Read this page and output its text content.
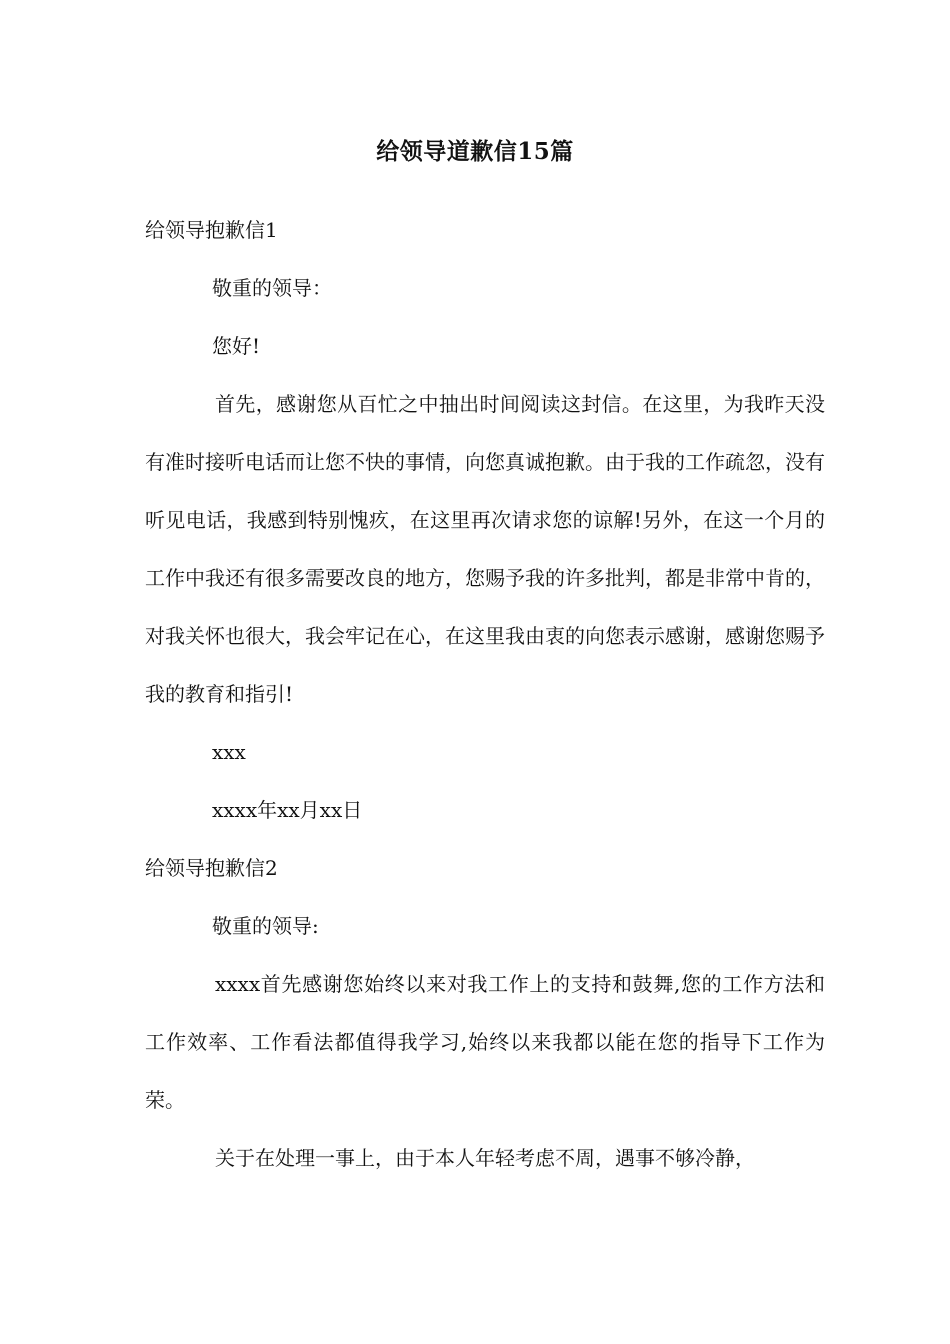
给领导道歉信15篇

给领导抱歉信1

敬重的领导：

您好!

首先，感谢您从百忙之中抽出时间阅读这封信。在这里，为我昨天没有准时接听电话而让您不快的事情，向您真诚抱歉。由于我的工作疏忽，没有听见电话，我感到特别愧疚，在这里再次请求您的谅解!另外，在这一个月的工作中我还有很多需要改良的地方，您赐予我的许多批判，都是非常中肯的，对我关怀也很大，我会牢记在心，在这里我由衷的向您表示感谢，感谢您赐予我的教育和指引!

xxx

xxxx年xx月xx日

给领导抱歉信2

敬重的领导:

xxxx首先感谢您始终以来对我工作上的支持和鼓舞,您的工作方法和工作效率、工作看法都值得我学习,始终以来我都以能在您的指导下工作为荣。

关于在处理一事上，由于本人年轻考虑不周，遇事不够冷静，
